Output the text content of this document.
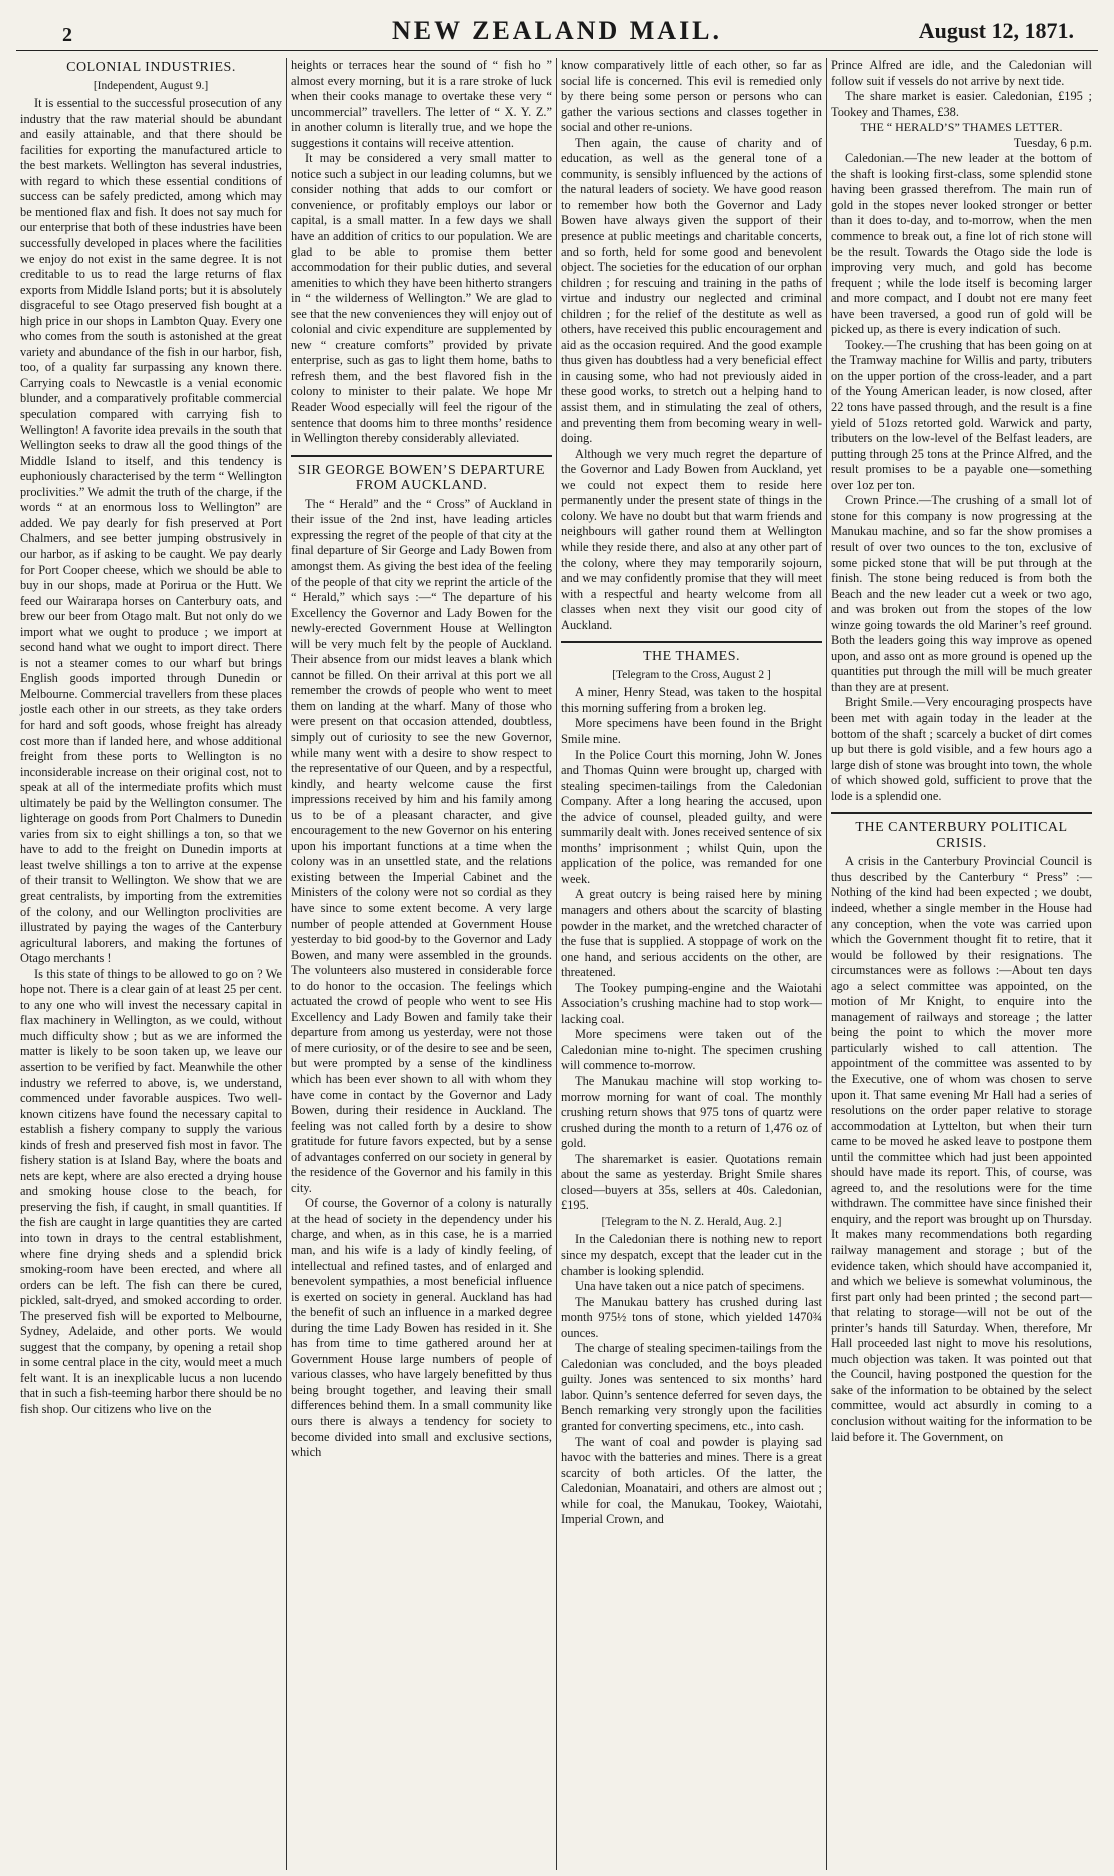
2	NEW ZEALAND MAIL.	August 12, 1871.
COLONIAL INDUSTRIES.
[Independent, August 9.]

It is essential to the successful prosecution of any industry that the raw material should be abundant and easily attainable, and that there should be facilities for exporting the manufactured article to the best markets. Wellington has several industries, with regard to which these essential conditions of success can be safely predicted, among which may be mentioned flax and fish. It does not say much for our enterprise that both of these industries have been successfully developed in places where the facilities we enjoy do not exist in the same degree. It is not creditable to us to read the large returns of flax exports from Middle Island ports; but it is absolutely disgraceful to see Otago preserved fish bought at a high price in our shops in Lambton Quay. Every one who comes from the south is astonished at the great variety and abundance of the fish in our harbor, fish, too, of a quality far surpassing any known there. Carrying coals to Newcastle is a venial economic blunder, and a comparatively profitable commercial speculation compared with carrying fish to Wellington! A favorite idea prevails in the south that Wellington seeks to draw all the good things of the Middle Island to itself, and this tendency is euphoniously characterised by the term “ Wellington proclivities.” We admit the truth of the charge, if the words “ at an enormous loss to Wellington” are added. We pay dearly for fish preserved at Port Chalmers, and see better jumping obstrusively in our harbor, as if asking to be caught. We pay dearly for Port Cooper cheese, which we should be able to buy in our shops, made at Porirua or the Hutt. We feed our Wairarapa horses on Canterbury oats, and brew our beer from Otago malt. But not only do we import what we ought to produce ; we import at second hand what we ought to import direct. There is not a steamer comes to our wharf but brings English goods imported through Dunedin or Melbourne. Commercial travellers from these places jostle each other in our streets, as they take orders for hard and soft goods, whose freight has already cost more than if landed here, and whose additional freight from these ports to Wellington is no inconsiderable increase on their original cost, not to speak at all of the intermediate profits which must ultimately be paid by the Wellington consumer. The lighterage on goods from Port Chalmers to Dunedin varies from six to eight shillings a ton, so that we have to add to the freight on Dunedin imports at least twelve shillings a ton to arrive at the expense of their transit to Wellington. We show that we are great centralists, by importing from the extremities of the colony, and our Wellington proclivities are illustrated by paying the wages of the Canterbury agricultural laborers, and making the fortunes of Otago merchants !

Is this state of things to be allowed to go on ? We hope not. There is a clear gain of at least 25 per cent. to any one who will invest the necessary capital in flax machinery in Wellington, as we could, without much difficulty show ; but as we are informed the matter is likely to be soon taken up, we leave our assertion to be verified by fact. Meanwhile the other industry we referred to above, is, we understand, commenced under favorable auspices. Two well-known citizens have found the necessary capital to establish a fishery company to supply the various kinds of fresh and preserved fish most in favor. The fishery station is at Island Bay, where the boats and nets are kept, where are also erected a drying house and smoking house close to the beach, for preserving the fish, if caught, in small quantities. If the fish are caught in large quantities they are carted into town in drays to the central establishment, where fine drying sheds and a splendid brick smoking-room have been erected, and where all orders can be left. The fish can there be cured, pickled, salt-dryed, and smoked according to order. The preserved fish will be exported to Melbourne, Sydney, Adelaide, and other ports. We would suggest that the company, by opening a retail shop in some central place in the city, would meet a much felt want. It is an inexplicable lucus a non lucendo that in such a fish-teeming harbor there should be no fish shop. Our citizens who live on the

heights or terraces hear the sound of “ fish ho ” almost every morning, but it is a rare stroke of luck when their cooks manage to overtake these very “ uncommercial” travellers. The letter of “ X. Y. Z.” in another column is literally true, and we hope the suggestions it contains will receive attention.

It may be considered a very small matter to notice such a subject in our leading columns, but we consider nothing that adds to our comfort or convenience, or profitably employs our labor or capital, is a small matter. In a few days we shall have an addition of critics to our population. We are glad to be able to promise them better accommodation for their public duties, and several amenities to which they have been hitherto strangers in “ the wilderness of Wellington.” We are glad to see that the new conveniences they will enjoy out of colonial and civic expenditure are supplemented by new “ creature comforts” provided by private enterprise, such as gas to light them home, baths to refresh them, and the best flavored fish in the colony to minister to their palate. We hope Mr Reader Wood especially will feel the rigour of the sentence that dooms him to three months’ residence in Wellington thereby considerably alleviated.

SIR GEORGE BOWEN’S DEPARTURE FROM AUCKLAND.

The “ Herald” and the “ Cross” of Auckland in their issue of the 2nd inst, have leading articles expressing the regret of the people of that city at the final departure of Sir George and Lady Bowen from amongst them. As giving the best idea of the feeling of the people of that city we reprint the article of the “ Herald,” which says :—“ The departure of his Excellency the Governor and Lady Bowen for the newly-erected Government House at Wellington will be very much felt by the people of Auckland. Their absence from our midst leaves a blank which cannot be filled. On their arrival at this port we all remember the crowds of people who went to meet them on landing at the wharf. Many of those who were present on that occasion attended, doubtless, simply out of curiosity to see the new Governor, while many went with a desire to show respect to the representative of our Queen, and by a respectful, kindly, and hearty welcome cause the first impressions received by him and his family among us to be of a pleasant character, and give encouragement to the new Governor on his entering upon his important functions at a time when the colony was in an unsettled state, and the relations existing between the Imperial Cabinet and the Ministers of the colony were not so cordial as they have since to some extent become. A very large number of people attended at Government House yesterday to bid good-by to the Governor and Lady Bowen, and many were assembled in the grounds. The volunteers also mustered in considerable force to do honor to the occasion. The feelings which actuated the crowd of people who went to see His Excellency and Lady Bowen and family take their departure from among us yesterday, were not those of mere curiosity, or of the desire to see and be seen, but were prompted by a sense of the kindliness which has been ever shown to all with whom they have come in contact by the Governor and Lady Bowen, during their residence in Auckland. The feeling was not called forth by a desire to show gratitude for future favors expected, but by a sense of advantages conferred on our society in general by the residence of the Governor and his family in this city.

Of course, the Governor of a colony is naturally at the head of society in the dependency under his charge, and when, as in this case, he is a married man, and his wife is a lady of kindly feeling, of intellectual and refined tastes, and of enlarged and benevolent sympathies, a most beneficial influence is exerted on society in general. Auckland has had the benefit of such an influence in a marked degree during the time Lady Bowen has resided in it. She has from time to time gathered around her at Government House large numbers of people of various classes, who have largely benefitted by thus being brought together, and leaving their small differences behind them. In a small community like ours there is always a tendency for society to become divided into small and exclusive sections, which

know comparatively little of each other, so far as social life is concerned. This evil is remedied only by there being some person or persons who can gather the various sections and classes together in social and other re-unions.

Then again, the cause of charity and of education, as well as the general tone of a community, is sensibly influenced by the actions of the natural leaders of society. We have good reason to remember how both the Governor and Lady Bowen have always given the support of their presence at public meetings and charitable concerts, and so forth, held for some good and benevolent object. The societies for the education of our orphan children ; for rescuing and training in the paths of virtue and industry our neglected and criminal children ; for the relief of the destitute as well as others, have received this public encouragement and aid as the occasion required. And the good example thus given has doubtless had a very beneficial effect in causing some, who had not previously aided in these good works, to stretch out a helping hand to assist them, and in stimulating the zeal of others, and preventing them from becoming weary in well-doing.

Although we very much regret the departure of the Governor and Lady Bowen from Auckland, yet we could not expect them to reside here permanently under the present state of things in the colony. We have no doubt but that warm friends and neighbours will gather round them at Wellington while they reside there, and also at any other part of the colony, where they may temporarily sojourn, and we may confidently promise that they will meet with a respectful and hearty welcome from all classes when next they visit our good city of Auckland.

THE THAMES.
[Telegram to the Cross, August 2 ]

A miner, Henry Stead, was taken to the hospital this morning suffering from a broken leg.

More specimens have been found in the Bright Smile mine.

In the Police Court this morning, John W. Jones and Thomas Quinn were brought up, charged with stealing specimen-tailings from the Caledonian Company. After a long hearing the accused, upon the advice of counsel, pleaded guilty, and were summarily dealt with. Jones received sentence of six months’ imprisonment ; whilst Quin, upon the application of the police, was remanded for one week.

A great outcry is being raised here by mining managers and others about the scarcity of blasting powder in the market, and the wretched character of the fuse that is supplied. A stoppage of work on the one hand, and serious accidents on the other, are threatened.

The Tookey pumping-engine and the Waiotahi Association’s crushing machine had to stop work—lacking coal.

More specimens were taken out of the Caledonian mine to-night. The specimen crushing will commence to-morrow.

The Manukau machine will stop working to-morrow morning for want of coal. The monthly crushing return shows that 975 tons of quartz were crushed during the month to a return of 1,476 oz of gold.

The sharemarket is easier. Quotations remain about the same as yesterday. Bright Smile shares closed—buyers at 35s, sellers at 40s. Caledonian, £195.

[Telegram to the N. Z. Herald, Aug. 2.]

In the Caledonian there is nothing new to report since my despatch, except that the leader cut in the chamber is looking splendid.

Una have taken out a nice patch of specimens.

The Manukau battery has crushed during last month 975½ tons of stone, which yielded 1470¾ ounces.

The charge of stealing specimen-tailings from the Caledonian was concluded, and the boys pleaded guilty. Jones was sentenced to six months’ hard labor. Quinn’s sentence deferred for seven days, the Bench remarking very strongly upon the facilities granted for converting specimens, etc., into cash.

The want of coal and powder is playing sad havoc with the batteries and mines. There is a great scarcity of both articles. Of the latter, the Caledonian, Moanatairi, and others are almost out ; while for coal, the Manukau, Tookey, Waiotahi, Imperial Crown, and

Prince Alfred are idle, and the Caledonian will follow suit if vessels do not arrive by next tide.

The share market is easier. Caledonian, £195 ; Tookey and Thames, £38.

THE “ HERALD’S” THAMES LETTER.
Tuesday, 6 p.m.

Caledonian.—The new leader at the bottom of the shaft is looking first-class, some splendid stone having been grassed therefrom. The main run of gold in the stopes never looked stronger or better than it does to-day, and to-morrow, when the men commence to break out, a fine lot of rich stone will be the result. Towards the Otago side the lode is improving very much, and gold has become frequent ; while the lode itself is becoming larger and more compact, and I doubt not ere many feet have been traversed, a good run of gold will be picked up, as there is every indication of such.

Tookey.—The crushing that has been going on at the Tramway machine for Willis and party, tributers on the upper portion of the cross-leader, and a part of the Young American leader, is now closed, after 22 tons have passed through, and the result is a fine yield of 51ozs retorted gold. Warwick and party, tributers on the low-level of the Belfast leaders, are putting through 25 tons at the Prince Alfred, and the result promises to be a payable one—something over 1oz per ton.

Crown Prince.—The crushing of a small lot of stone for this company is now progressing at the Manukau machine, and so far the show promises a result of over two ounces to the ton, exclusive of some picked stone that will be put through at the finish. The stone being reduced is from both the Beach and the new leader cut a week or two ago, and was broken out from the stopes of the low winze going towards the old Mariner’s reef ground. Both the leaders going this way improve as opened upon, and asso ont as more ground is opened up the quantities put through the mill will be much greater than they are at present.

Bright Smile.—Very encouraging prospects have been met with again today in the leader at the bottom of the shaft ; scarcely a bucket of dirt comes up but there is gold visible, and a few hours ago a large dish of stone was brought into town, the whole of which showed gold, sufficient to prove that the lode is a splendid one.

THE CANTERBURY POLITICAL CRISIS.

A crisis in the Canterbury Provincial Council is thus described by the Canterbury “ Press” :—Nothing of the kind had been expected ; we doubt, indeed, whether a single member in the House had any conception, when the vote was carried upon which the Government thought fit to retire, that it would be followed by their resignations. The circumstances were as follows :—About ten days ago a select committee was appointed, on the motion of Mr Knight, to enquire into the management of railways and storeage ; the latter being the point to which the mover more particularly wished to call attention. The appointment of the committee was assented to by the Executive, one of whom was chosen to serve upon it. That same evening Mr Hall had a series of resolutions on the order paper relative to storage accommodation at Lyttelton, but when their turn came to be moved he asked leave to postpone them until the committee which had just been appointed should have made its report. This, of course, was agreed to, and the resolutions were for the time withdrawn. The committee have since finished their enquiry, and the report was brought up on Thursday. It makes many recommendations both regarding railway management and storage ; but of the evidence taken, which should have accompanied it, and which we believe is somewhat voluminous, the first part only had been printed ; the second part—that relating to storage—will not be out of the printer’s hands till Saturday. When, therefore, Mr Hall proceeded last night to move his resolutions, much objection was taken. It was pointed out that the Council, having postponed the question for the sake of the information to be obtained by the select committee, would act absurdly in coming to a conclusion without waiting for the information to be laid before it. The Government, on
